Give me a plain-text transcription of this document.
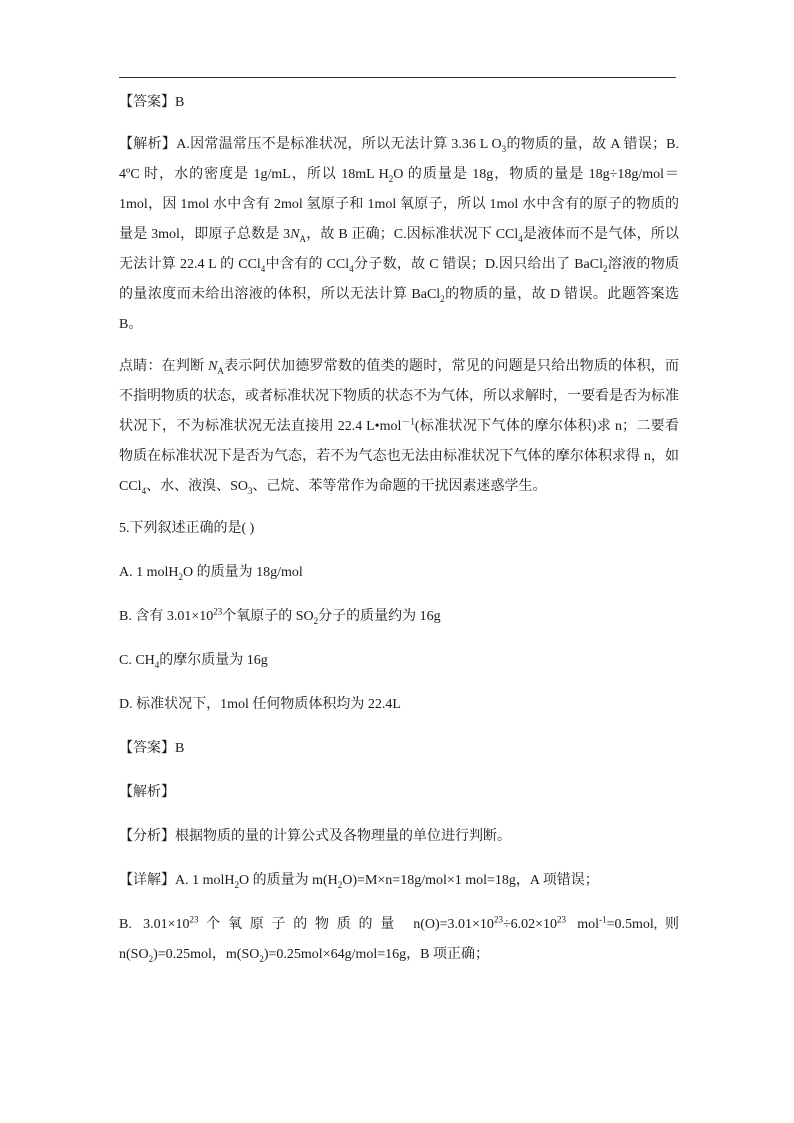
【答案】B

【解析】A.因常温常压不是标准状况，所以无法计算 3.36 L $O_3$的物质的量，故 A 错误；B. 4ºC 时，水的密度是 1g/mL，所以 18mL $H_2O$ 的质量是 18g，物质的量是 18g÷18g/mol＝1mol，因 1mol 水中含有 2mol 氢原子和 1mol 氧原子，所以 1mol 水中含有的原子的物质的量是 3mol，即原子总数是 $3N_A$，故 B 正确；C.因标准状况下 CCl$_4$是液体而不是气体，所以无法计算 22.4 L 的 CCl$_4$中含有的 CCl$_4$分子数，故 C 错误；D.因只给出了 BaCl$_2$溶液的物质的量浓度而未给出溶液的体积，所以无法计算 BaCl$_2$的物质的量，故 D 错误。此题答案选 B。

点睛：在判断 $N_A$表示阿伏加德罗常数的值类的题时，常见的问题是只给出物质的体积，而不指明物质的状态，或者标准状况下物质的状态不为气体，所以求解时，一要看是否为标准状况下，不为标准状况无法直接用 22.4 L•mol$^{-1}$(标准状况下气体的摩尔体积)求 n；二要看物质在标准状况下是否为气态，若不为气态也无法由标准状况下气体的摩尔体积求得 n，如 CCl$_4$、水、液溴、$SO_3$、己烷、苯等常作为命题的干扰因素迷惑学生。

5.下列叙述正确的是( )

A. 1 molH$_2$O 的质量为 18g/mol

B. 含有 $3.01\times 10^{23}$个氧原子的 $SO_2$分子的质量约为 16g

C. $CH_4$的摩尔质量为 16g

D. 标准状况下，1mol 任何物质体积均为 22.4L

【答案】B

【解析】

【分析】根据物质的量的计算公式及各物理量的单位进行判断。

【详解】A. 1 molH$_2$O 的质量为 $m(H_2O)=M\times n=18g/mol\times 1$ mol=18g，A 项错误；

B. $3.01\times 10^{23}$个氧原子的物质的量 $n(O)=3.01\times 10^{23}\div 6.02\times 10^{23}$ mol$^{-1}$=0.5mol,则 $n(SO_2)=0.25mol$，$m(SO_2)=0.25mol\times 64g/mol=16g$，B 项正确；
